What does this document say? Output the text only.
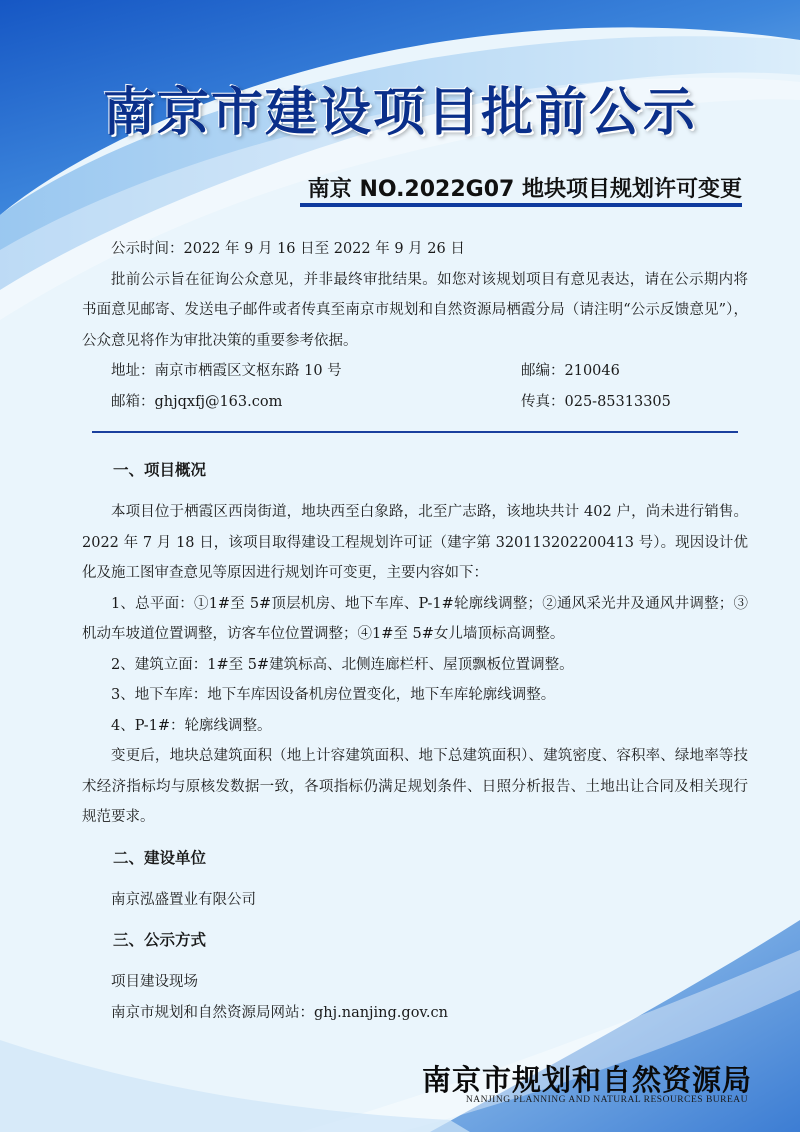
南京市建设项目批前公示
南京 NO.2022G07 地块项目规划许可变更
公示时间：2022 年 9 月 16 日至 2022 年 9 月 26 日

批前公示旨在征询公众意见，并非最终审批结果。如您对该规划项目有意见表达，请在公示期内将书面意见邮寄、发送电子邮件或者传真至南京市规划和自然资源局栖霞分局（请注明“公示反馈意见”），公众意见将作为审批决策的重要参考依据。

地址：南京市栖霞区文枢东路 10 号	邮编：210046
邮箱：ghjqxfj@163.com	传真：025-85313305
一、项目概况

本项目位于栖霞区西岗街道，地块西至白象路，北至广志路，该地块共计 402 户，尚未进行销售。2022 年 7 月 18 日，该项目取得建设工程规划许可证（建字第 320113202200413 号）。现因设计优化及施工图审查意见等原因进行规划许可变更，主要内容如下：

1、总平面：①1#至 5#顶层机房、地下车库、P-1#轮廓线调整；②通风采光井及通风井调整；③机动车坡道位置调整，访客车位位置调整；④1#至 5#女儿墙顶标高调整。

2、建筑立面：1#至 5#建筑标高、北侧连廊栏杆、屋顶飘板位置调整。

3、地下车库：地下车库因设备机房位置变化，地下车库轮廓线调整。

4、P-1#：轮廓线调整。

变更后，地块总建筑面积（地上计容建筑面积、地下总建筑面积）、建筑密度、容积率、绿地率等技术经济指标均与原核发数据一致，各项指标仍满足规划条件、日照分析报告、土地出让合同及相关现行规范要求。

二、建设单位

南京泓盛置业有限公司

三、公示方式

项目建设现场

南京市规划和自然资源局网站：ghj.nanjing.gov.cn

南京市规划和自然资源局
NANJING PLANNING AND NATURAL RESOURCES BUREAU
